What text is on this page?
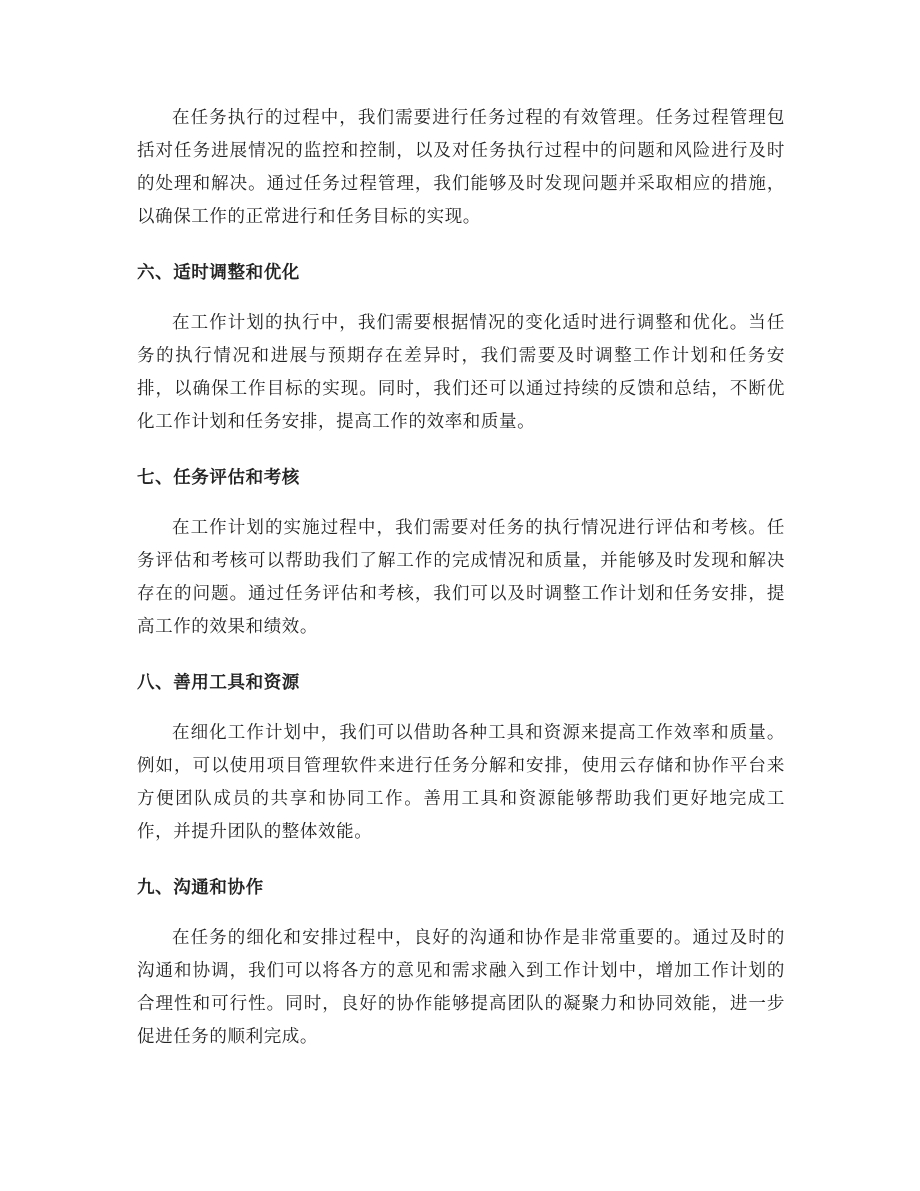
在任务执行的过程中，我们需要进行任务过程的有效管理。任务过程管理包括对任务进展情况的监控和控制，以及对任务执行过程中的问题和风险进行及时的处理和解决。通过任务过程管理，我们能够及时发现问题并采取相应的措施，以确保工作的正常进行和任务目标的实现。

六、适时调整和优化

在工作计划的执行中，我们需要根据情况的变化适时进行调整和优化。当任务的执行情况和进展与预期存在差异时，我们需要及时调整工作计划和任务安排，以确保工作目标的实现。同时，我们还可以通过持续的反馈和总结，不断优化工作计划和任务安排，提高工作的效率和质量。

七、任务评估和考核

在工作计划的实施过程中，我们需要对任务的执行情况进行评估和考核。任务评估和考核可以帮助我们了解工作的完成情况和质量，并能够及时发现和解决存在的问题。通过任务评估和考核，我们可以及时调整工作计划和任务安排，提高工作的效果和绩效。

八、善用工具和资源

在细化工作计划中，我们可以借助各种工具和资源来提高工作效率和质量。例如，可以使用项目管理软件来进行任务分解和安排，使用云存储和协作平台来方便团队成员的共享和协同工作。善用工具和资源能够帮助我们更好地完成工作，并提升团队的整体效能。

九、沟通和协作

在任务的细化和安排过程中，良好的沟通和协作是非常重要的。通过及时的沟通和协调，我们可以将各方的意见和需求融入到工作计划中，增加工作计划的合理性和可行性。同时，良好的协作能够提高团队的凝聚力和协同效能，进一步促进任务的顺利完成。
